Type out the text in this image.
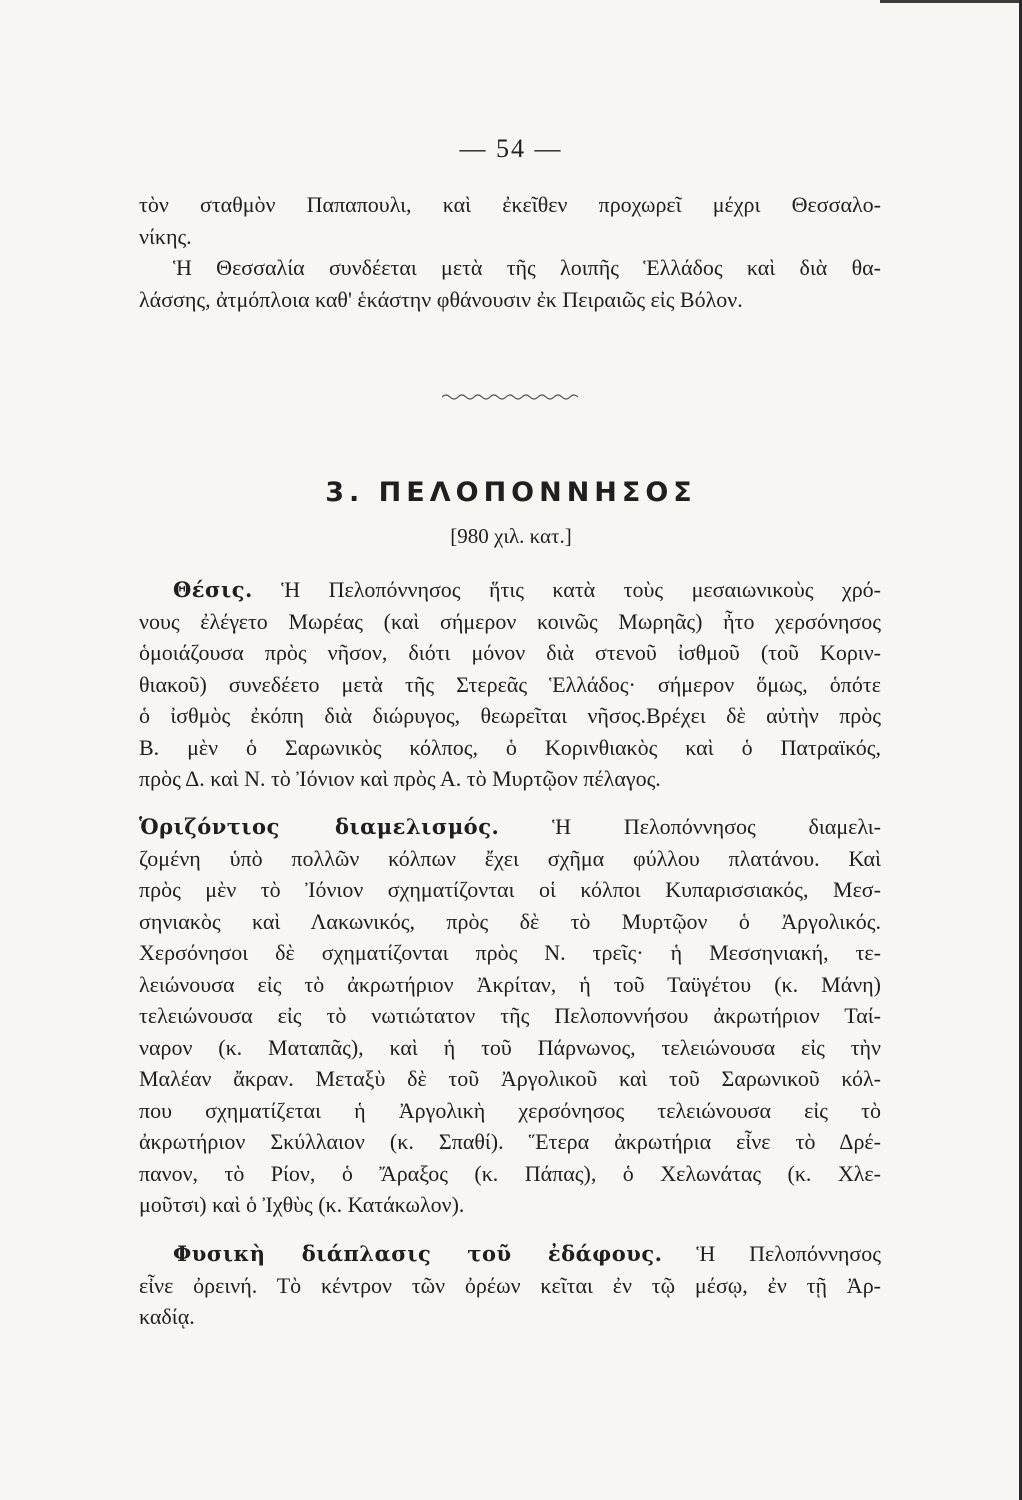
— 54 —
τὸν σταθμὸν Παπαπουλι, καὶ ἐκεῖθεν προχωρεῖ μέχρι Θεσσαλο-
νίκης.
Ἡ Θεσσαλία συνδέεται μετὰ τῆς λοιπῆς Ἑλλάδος καὶ διὰ θα-
λάσσης, ἀτμόπλοια καθ' ἑκάστην φθάνουσιν ἐκ Πειραιῶς εἰς Βόλον.
3. ΠΕΛΟΠΟΝΝΗΣΟΣ
[980 χιλ. κατ.]
Θέσις. Ἡ Πελοπόννησος ἥτις κατὰ τοὺς μεσαιωνικοὺς χρό-
νους ἐλέγετο Μωρέας (καὶ σήμερον κοινῶς Μωρηᾶς) ἦτο χερσόνησος
ὁμοιάζουσα πρὸς νῆσον, διότι μόνον διὰ στενοῦ ἰσθμοῦ (τοῦ Κοριν-
θιακοῦ) συνεδέετο μετὰ τῆς Στερεᾶς Ἑλλάδος· σήμερον ὅμως, ὁπότε
ὁ ἰσθμὸς ἐκόπη διὰ διώρυγος, θεωρεῖται νῆσος.Βρέχει δὲ αὐτὴν πρὸς
Β. μὲν ὁ Σαρωνικὸς κόλπος, ὁ Κορινθιακὸς καὶ ὁ Πατραϊκός,
πρὸς Δ. καὶ Ν. τὸ Ἰόνιον καὶ πρὸς Α. τὸ Μυρτῷον πέλαγος.
Ὁριζόντιος διαμελισμός. Ἡ Πελοπόννησος διαμελι-
ζομένη ὑπὸ πολλῶν κόλπων ἔχει σχῆμα φύλλου πλατάνου. Καὶ
πρὸς μὲν τὸ Ἰόνιον σχηματίζονται οἱ κόλποι Κυπαρισσιακός, Μεσ-
σηνιακὸς καὶ Λακωνικός, πρὸς δὲ τὸ Μυρτῷον ὁ Ἀργολικός.
Χερσόνησοι δὲ σχηματίζονται πρὸς Ν. τρεῖς· ἡ Μεσσηνιακή, τε-
λειώνουσα εἰς τὸ ἀκρωτήριον Ἀκρίταν, ἡ τοῦ Ταϋγέτου (κ. Μάνη)
τελειώνουσα εἰς τὸ νωτιώτατον τῆς Πελοποννήσου ἀκρωτήριον Ταί-
ναρον (κ. Ματαπᾶς), καὶ ἡ τοῦ Πάρνωνος, τελειώνουσα εἰς τὴν
Μαλέαν ἄκραν. Μεταξὺ δὲ τοῦ Ἀργολικοῦ καὶ τοῦ Σαρωνικοῦ κόλ-
που σχηματίζεται ἡ Ἀργολικὴ χερσόνησος τελειώνουσα εἰς τὸ
ἀκρωτήριον Σκύλλαιον (κ. Σπαθί). Ἕτερα ἀκρωτήρια εἶνε τὸ Δρέ-
πανον, τὸ Ρίον, ὁ Ἄραξος (κ. Πάπας), ὁ Χελωνάτας (κ. Χλε-
μοῦτσι) καὶ ὁ Ἰχθὺς (κ. Κατάκωλον).
Φυσικὴ διάπλασις τοῦ ἐδάφους. Ἡ Πελοπόννησος
εἶνε ὀρεινή. Τὸ κέντρον τῶν ὀρέων κεῖται ἐν τῷ μέσῳ, ἐν τῇ Ἀρ-
καδίᾳ.
